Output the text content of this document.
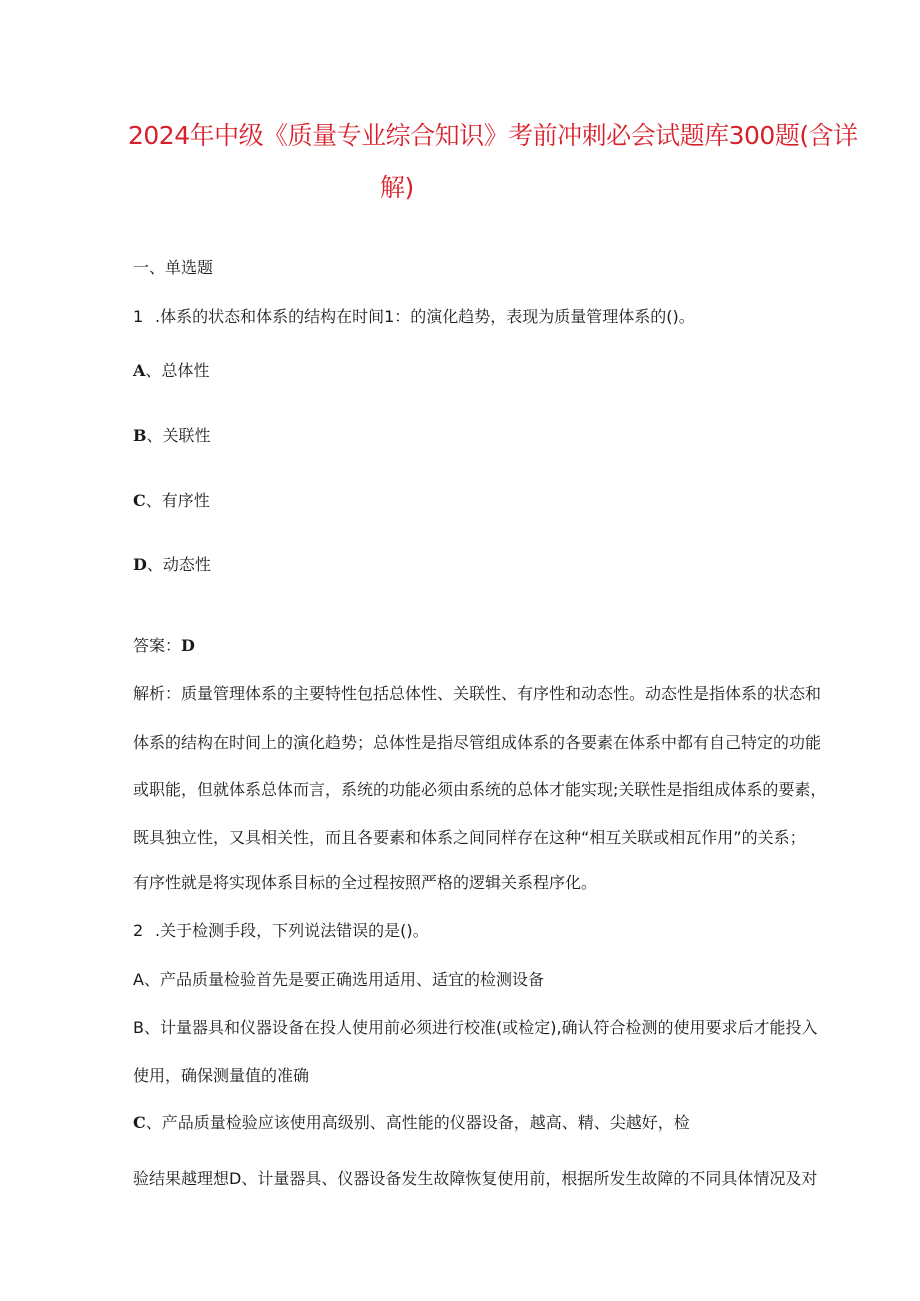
2024年中级《质量专业综合知识》考前冲刺必会试题库300题(含详
解)
一、单选题
1 .体系的状态和体系的结构在时间1：的演化趋势，表现为质量管理体系的()。
A、总体性
B、关联性
C、有序性
D、动态性
答案：D
解析：质量管理体系的主要特性包括总体性、关联性、有序性和动态性。动态性是指体系的状态和
体系的结构在时间上的演化趋势；总体性是指尽管组成体系的各要素在体系中都有自己特定的功能
或职能，但就体系总体而言，系统的功能必须由系统的总体才能实现;关联性是指组成体系的要素，
既具独立性，又具相关性，而且各要素和体系之间同样存在这种“相互关联或相瓦作用”的关系；
有序性就是将实现体系目标的全过程按照严格的逻辑关系程序化。
2 .关于检测手段，下列说法错误的是()。
A、产品质量检验首先是要正确选用适用、适宜的检测设备
B、计量器具和仪器设备在投人使用前必须进行校准(或检定),确认符合检测的使用要求后才能投入
使用，确保测量值的准确
C、产品质量检验应该使用高级别、高性能的仪器设备，越高、精、尖越好，检
验结果越理想D、计量器具、仪器设备发生故障恢复使用前，根据所发生故障的不同具体情况及对
